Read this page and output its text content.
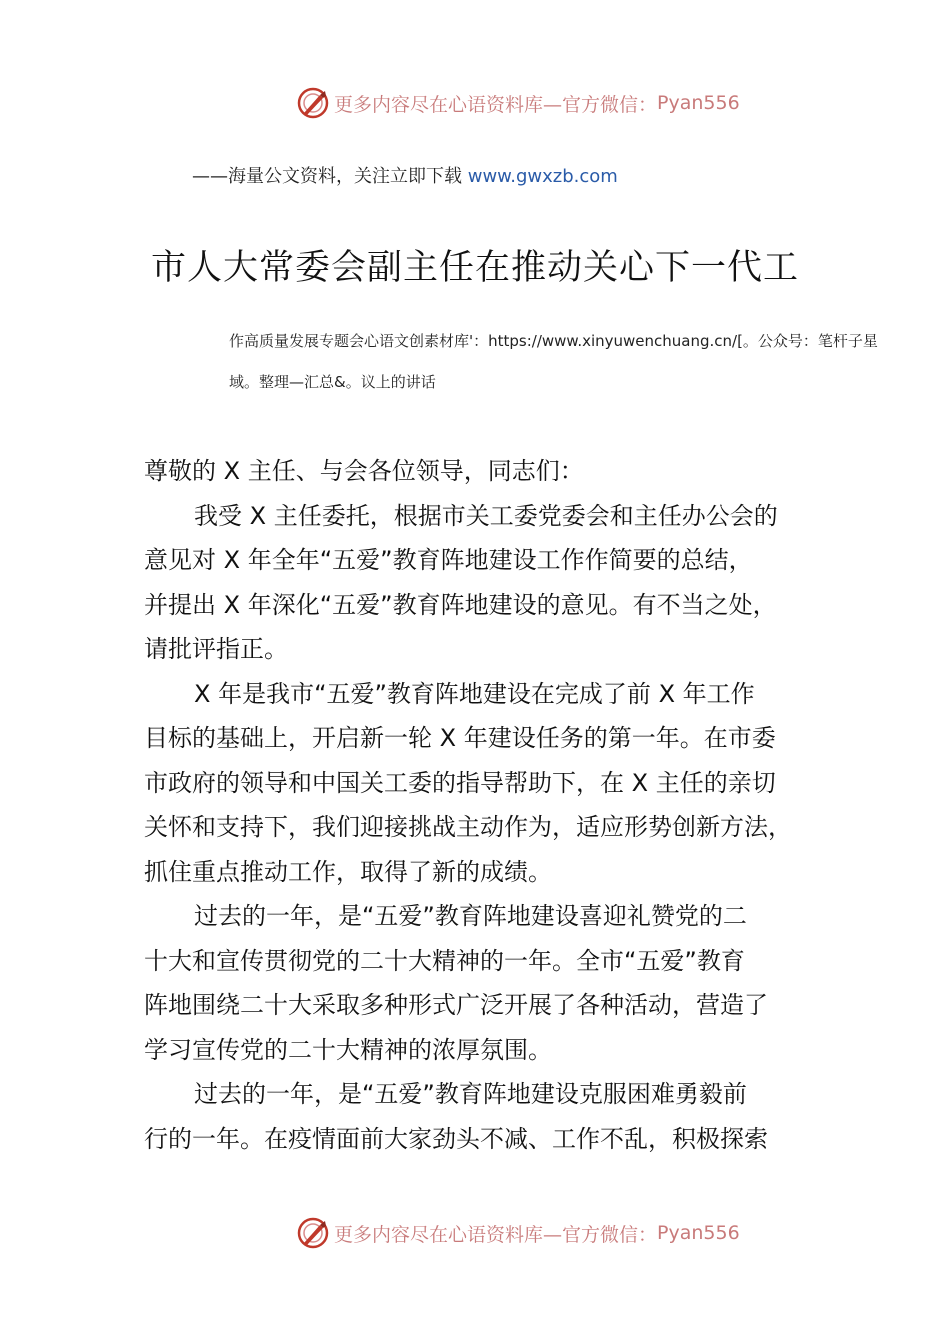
更多内容尽在心语资料库—官方微信： Pyan556
——海量公文资料，关注立即下载 www.gwxzb.com
市人大常委会副主任在推动关心下一代工
作高质量发展专题会心语文创素材库'：https://www.xinyuwenchuang.cn/[。公众号：笔杆子星
域。整理—汇总&。议上的讲话
尊敬的 X 主任、与会各位领导，同志们：
我受 X 主任委托，根据市关工委党委会和主任办公会的
意见对 X 年全年“五爱”教育阵地建设工作作简要的总结，
并提出 X 年深化“五爱”教育阵地建设的意见。有不当之处，
请批评指正。
X 年是我市“五爱”教育阵地建设在完成了前 X 年工作
目标的基础上，开启新一轮 X 年建设任务的第一年。在市委
市政府的领导和中国关工委的指导帮助下，在 X 主任的亲切
关怀和支持下，我们迎接挑战主动作为，适应形势创新方法，
抓住重点推动工作，取得了新的成绩。
过去的一年，是“五爱”教育阵地建设喜迎礼赞党的二
十大和宣传贯彻党的二十大精神的一年。全市“五爱”教育
阵地围绕二十大采取多种形式广泛开展了各种活动，营造了
学习宣传党的二十大精神的浓厚氛围。
过去的一年，是“五爱”教育阵地建设克服困难勇毅前
行的一年。在疫情面前大家劲头不减、工作不乱，积极探索
更多内容尽在心语资料库—官方微信： Pyan556
